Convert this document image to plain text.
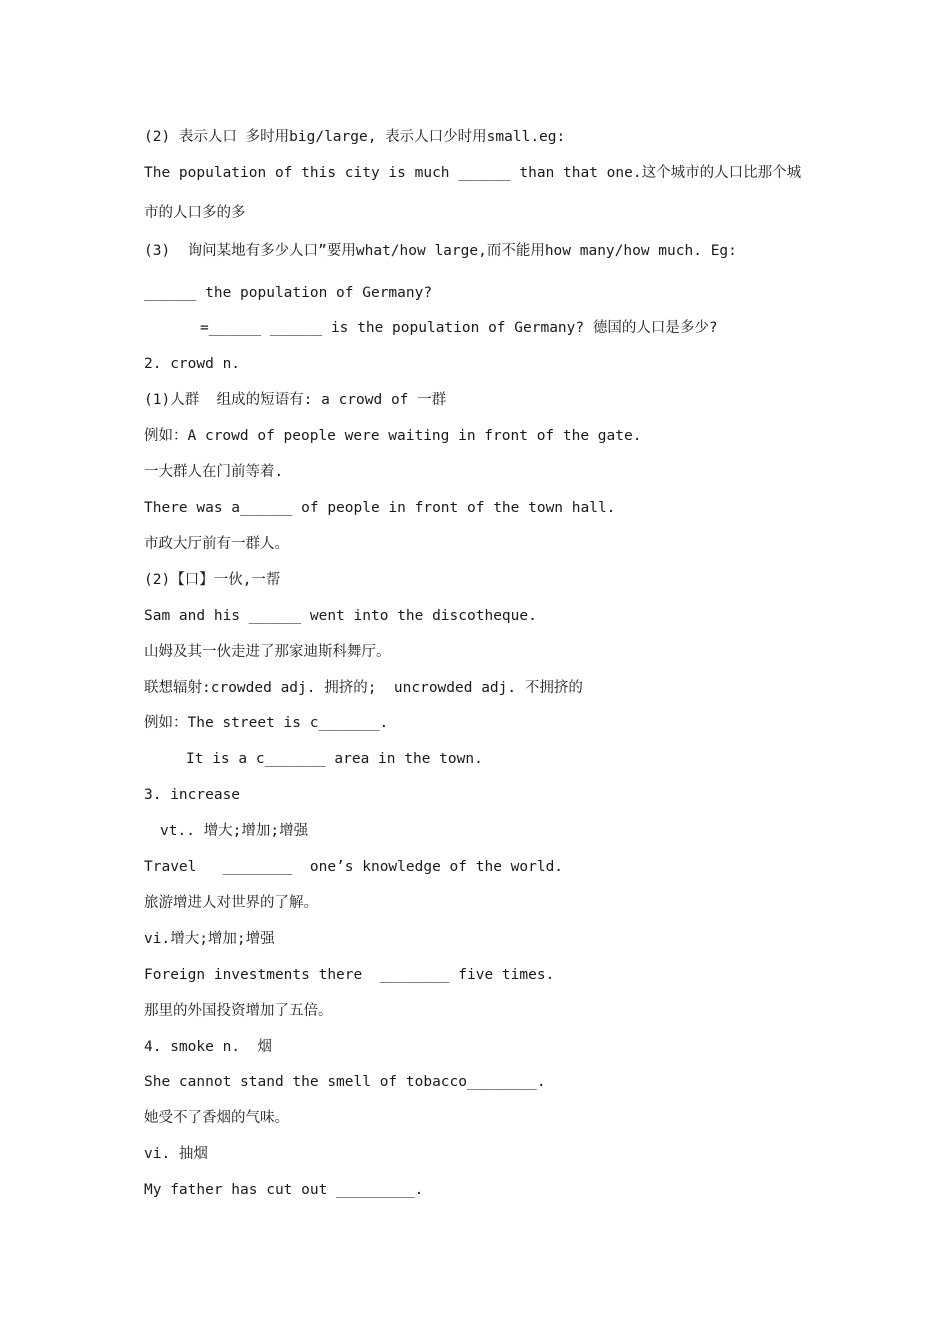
(2) 表示人口 多时用big/large, 表示人口少时用small.eg:
The population of this city is much ______ than that one.这个城市的人口比那个城市的人口多的多
(3)  询问某地有多少人口”要用what/how large,而不能用how many/how much. Eg:
______ the population of Germany?
=______ ______ is the population of Germany? 德国的人口是多少?
2. crowd n.
(1)人群  组成的短语有: a crowd of 一群
例如：A crowd of people were waiting in front of the gate.
一大群人在门前等着.
There was a______ of people in front of the town hall.
市政大厅前有一群人。
(2)【口】一伙,一帮
Sam and his ______ went into the discotheque.
山姆及其一伙走进了那家迪斯科舞厅。
联想辐射:crowded adj. 拥挤的;  uncrowded adj. 不拥挤的
例如：The street is c_______.
It is a c_______ area in the town.
3. increase
vt.. 增大;增加;增强
Travel   ________  one’s knowledge of the world.
旅游增进人对世界的了解。
vi.增大;增加;增强
Foreign investments there  ________ five times.
那里的外国投资增加了五倍。
4. smoke n.  烟
She cannot stand the smell of tobacco________.
她受不了香烟的气味。
vi. 抽烟
My father has cut out _________.
